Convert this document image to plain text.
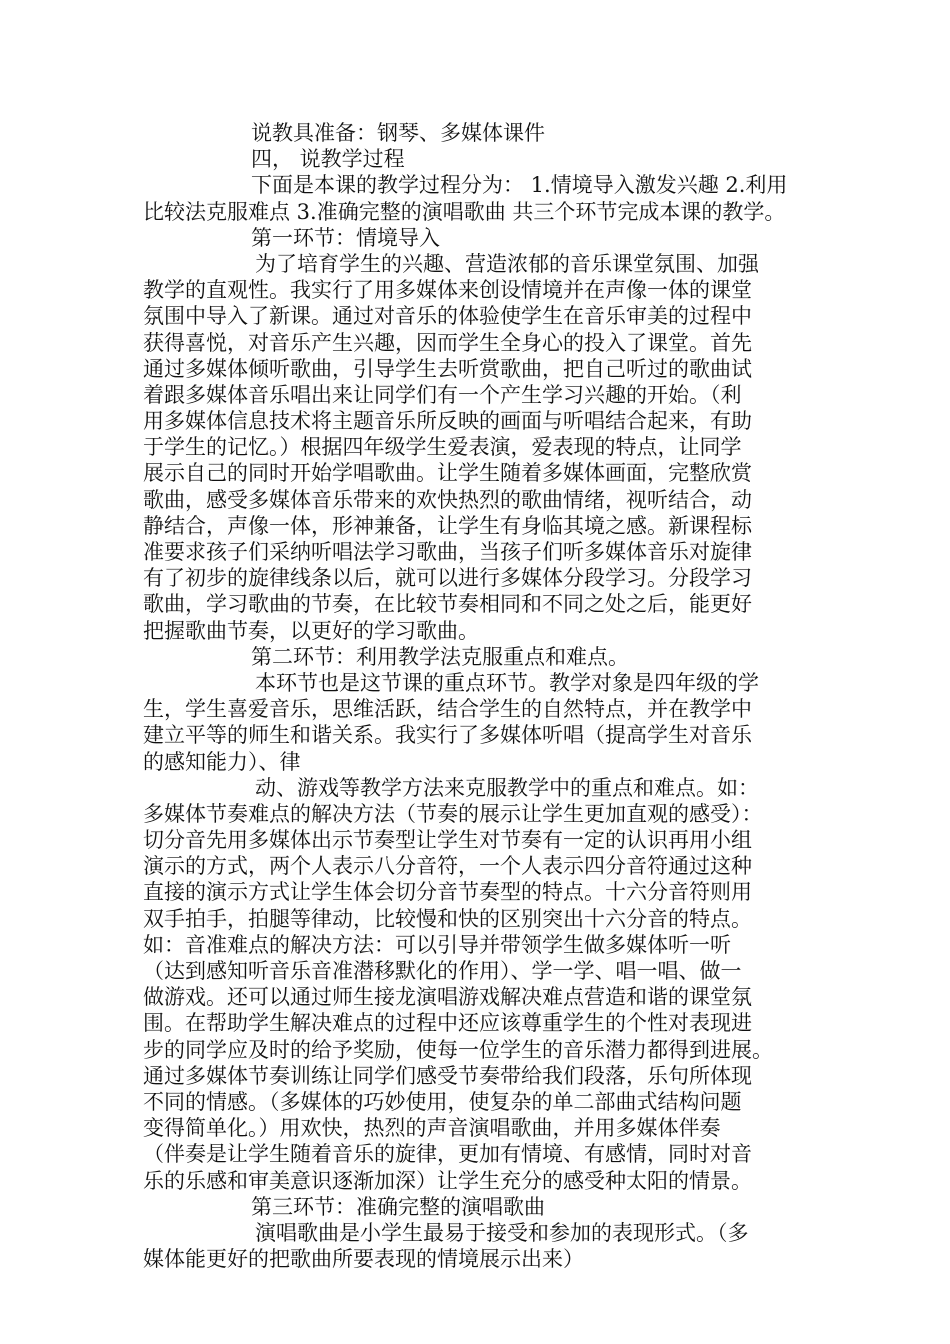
说教具准备：钢琴、多媒体课件
四， 说教学过程
下面是本课的教学过程分为： 1.情境导入激发兴趣 2.利用
比较法克服难点 3.准确完整的演唱歌曲 共三个环节完成本课的教学。
第一环节：情境导入
为了培育学生的兴趣、营造浓郁的音乐课堂氛围、加强
教学的直观性。我实行了用多媒体来创设情境并在声像一体的课堂
氛围中导入了新课。通过对音乐的体验使学生在音乐审美的过程中
获得喜悦，对音乐产生兴趣，因而学生全身心的投入了课堂。首先
通过多媒体倾听歌曲，引导学生去听赏歌曲，把自己听过的歌曲试
着跟多媒体音乐唱出来让同学们有一个产生学习兴趣的开始。（利
用多媒体信息技术将主题音乐所反映的画面与听唱结合起来，有助
于学生的记忆。）根据四年级学生爱表演，爱表现的特点，让同学
展示自己的同时开始学唱歌曲。让学生随着多媒体画面，完整欣赏
歌曲，感受多媒体音乐带来的欢快热烈的歌曲情绪，视听结合，动
静结合，声像一体，形神兼备，让学生有身临其境之感。新课程标
准要求孩子们采纳听唱法学习歌曲，当孩子们听多媒体音乐对旋律
有了初步的旋律线条以后，就可以进行多媒体分段学习。分段学习
歌曲，学习歌曲的节奏，在比较节奏相同和不同之处之后，能更好
把握歌曲节奏，以更好的学习歌曲。
第二环节：利用教学法克服重点和难点。
本环节也是这节课的重点环节。教学对象是四年级的学
生，学生喜爱音乐，思维活跃，结合学生的自然特点，并在教学中
建立平等的师生和谐关系。我实行了多媒体听唱（提高学生对音乐
的感知能力）、律
动、游戏等教学方法来克服教学中的重点和难点。如：
多媒体节奏难点的解决方法（节奏的展示让学生更加直观的感受）：
切分音先用多媒体出示节奏型让学生对节奏有一定的认识再用小组
演示的方式，两个人表示八分音符，一个人表示四分音符通过这种
直接的演示方式让学生体会切分音节奏型的特点。十六分音符则用
双手拍手，拍腿等律动，比较慢和快的区别突出十六分音的特点。
如：音准难点的解决方法：可以引导并带领学生做多媒体听一听
（达到感知听音乐音准潜移默化的作用）、学一学、唱一唱、做一
做游戏。还可以通过师生接龙演唱游戏解决难点营造和谐的课堂氛
围。在帮助学生解决难点的过程中还应该尊重学生的个性对表现进
步的同学应及时的给予奖励，使每一位学生的音乐潜力都得到进展。
通过多媒体节奏训练让同学们感受节奏带给我们段落，乐句所体现
不同的情感。（多媒体的巧妙使用，使复杂的单二部曲式结构问题
变得简单化。）用欢快，热烈的声音演唱歌曲，并用多媒体伴奏
（伴奏是让学生随着音乐的旋律，更加有情境、有感情，同时对音
乐的乐感和审美意识逐渐加深）让学生充分的感受种太阳的情景。
第三环节：准确完整的演唱歌曲
演唱歌曲是小学生最易于接受和参加的表现形式。（多
媒体能更好的把歌曲所要表现的情境展示出来）
